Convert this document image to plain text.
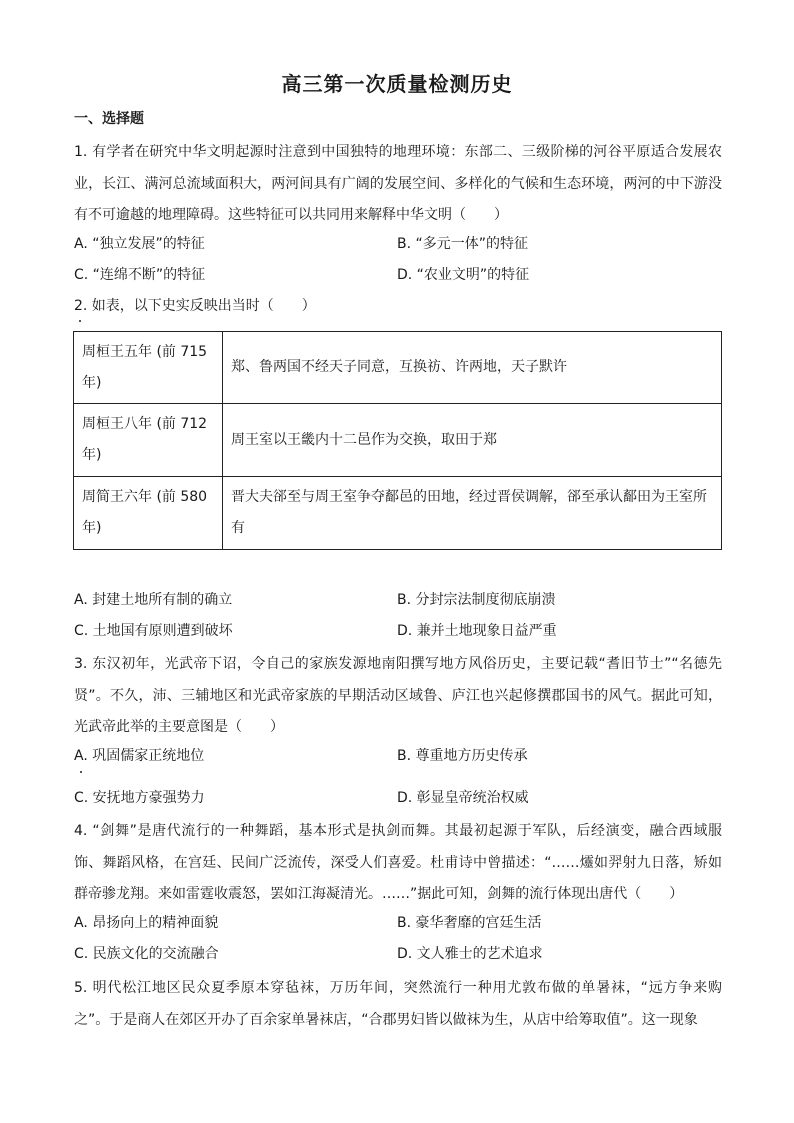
高三第一次质量检测历史
一、选择题
1. 有学者在研究中华文明起源时注意到中国独特的地理环境：东部二、三级阶梯的河谷平原适合发展农业，长江、满河总流域面积大，两河间具有广阔的发展空间、多样化的气候和生态环境，两河的中下游没有不可逾越的地理障碍。这些特征可以共同用来解释中华文明（　　）
A. “独立发展”的特征	B. “多元一体”的特征
C. “连绵不断”的特征	D. “农业文明”的特征
2. 如表，以下史实反映出当时（　　）
周桓王五年 (前 715 年)	郑、鲁两国不经天子同意，互换祊、许两地，天子默许
周桓王八年 (前 712 年)	周王室以王畿内十二邑作为交换，取田于郑
周简王六年 (前 580 年)	晋大夫郤至与周王室争夺鄐邑的田地，经过晋侯调解，郤至承认鄐田为王室所有
A. 封建土地所有制的确立	B. 分封宗法制度彻底崩溃
C. 土地国有原则遭到破坏	D. 兼并土地现象日益严重
3. 东汉初年，光武帝下诏，令自己的家族发源地南阳撰写地方风俗历史，主要记载“耆旧节士”“名德先贤”。不久，沛、三辅地区和光武帝家族的早期活动区域鲁、庐江也兴起修撰郡国书的风气。据此可知，光武帝此举的主要意图是（　　）
A. 巩固儒家正统地位	B. 尊重地方历史传承
C. 安抚地方豪强势力	D. 彰显皇帝统治权威
4. “剑舞”是唐代流行的一种舞蹈，基本形式是执剑而舞。其最初起源于军队，后经演变，融合西域服饰、舞蹈风格，在宫廷、民间广泛流传，深受人们喜爱。杜甫诗中曾描述：“……爧如羿射九日落，矫如群帝骖龙翔。来如雷霆收震怒，罢如江海凝清光。……”据此可知，剑舞的流行体现出唐代（　　）
A. 昂扬向上的精神面貌	B. 豪华奢靡的宫廷生活
C. 民族文化的交流融合	D. 文人雅士的艺术追求
5. 明代松江地区民众夏季原本穿毡袜，万历年间，突然流行一种用尤敦布做的单暑袜，“远方争来购之”。于是商人在郊区开办了百余家单暑袜店，“合郡男妇皆以做袜为生，从店中给筹取值”。这一现象
